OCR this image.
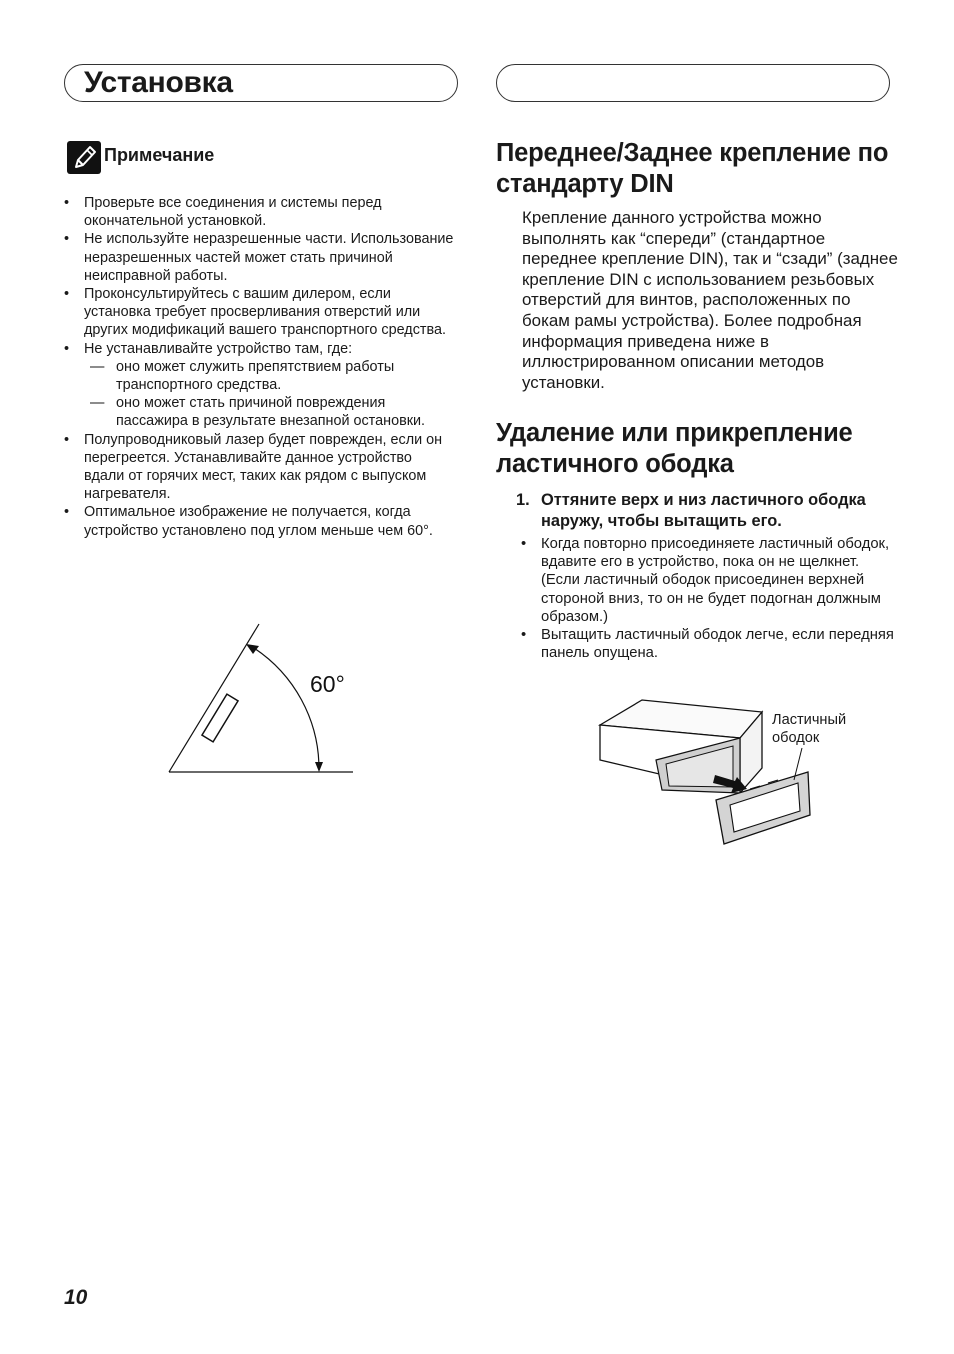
Установка
Примечание
• Проверьте все соединения и системы перед окончательной установкой.
• Не используйте неразрешенные части. Использование неразрешенных частей может стать причиной неисправной работы.
• Проконсультируйтесь с вашим дилером, если установка требует просверливания отверстий или других модификаций вашего транспортного средства.
• Не устанавливайте устройство там, где:
— оно может служить препятствием работы транспортного средства.
— оно может стать причиной повреждения пассажира в результате внезапной остановки.
• Полупроводниковый лазер будет поврежден, если он перегреется. Устанавливайте данное устройство вдали от горячих мест, таких как рядом с выпуском нагревателя.
• Оптимальное изображение не получается, когда устройство установлено под углом меньше чем 60°.
60°
Переднее/Заднее крепление по стандарту DIN

Крепление данного устройства можно выполнять как “спереди” (стандартное переднее крепление DIN), так и “сзади” (заднее крепление DIN с использованием резьбовых отверстий для винтов, расположенных по бокам рамы устройства). Более подробная информация приведена ниже в иллюстрированном описании методов установки.

Удаление или прикрепление ластичного ободка
1. Оттяните верх и низ ластичного ободка наружу, чтобы вытащить его.
• Когда повторно присоединяете ластичный ободок, вдавите его в устройство, пока он не щелкнет. (Если ластичный ободок присоединен верхней стороной вниз, то он не будет подогнан должным образом.)
• Вытащить ластичный ободок легче, если передняя панель опущена.
Ластичный ободок
10
